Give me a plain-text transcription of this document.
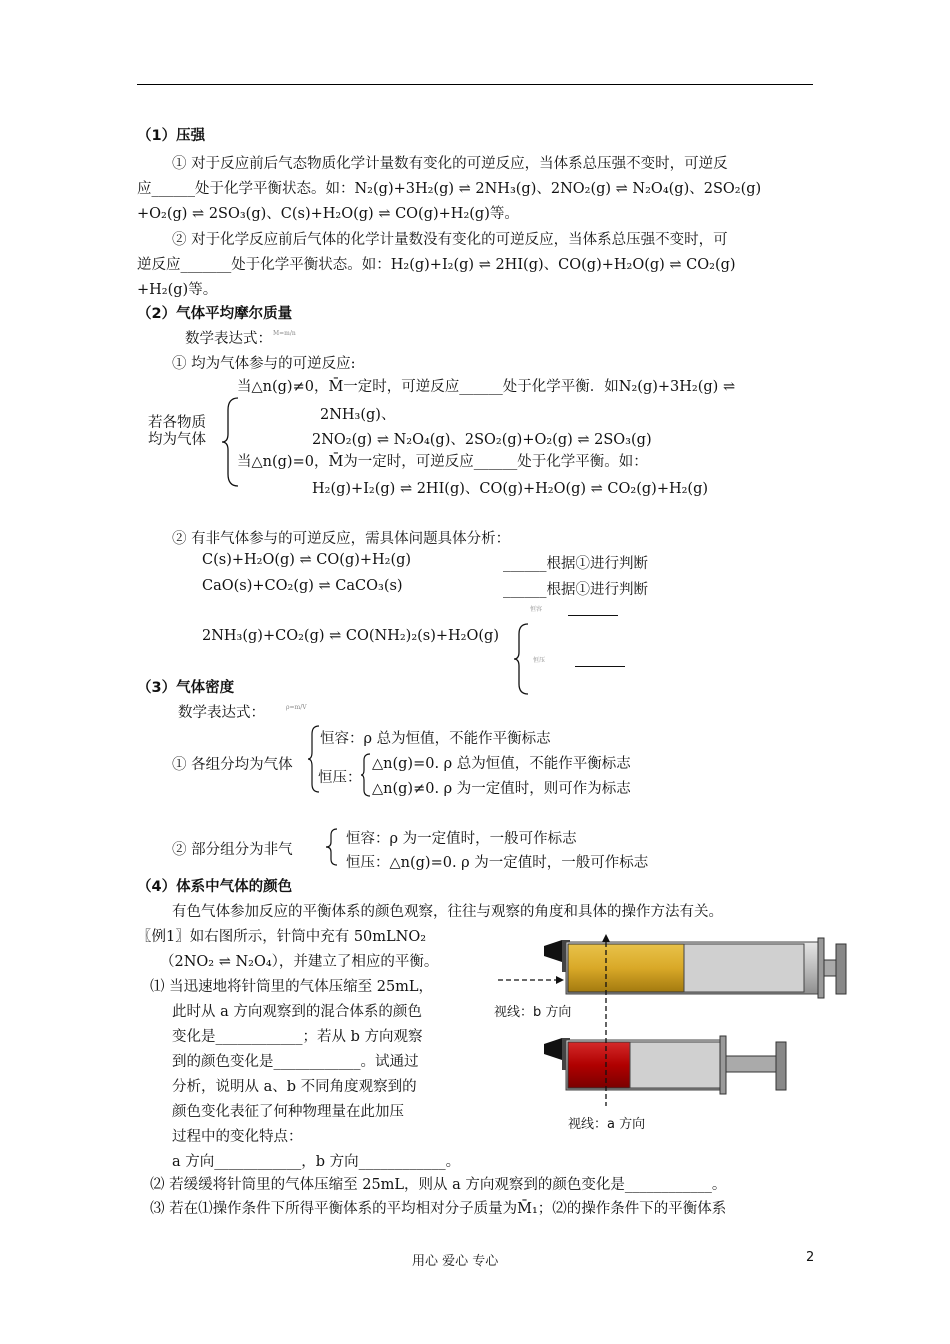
（1）压强
① 对于反应前后气态物质化学计量数有变化的可逆反应，当体系总压强不变时，可逆反
应______处于化学平衡状态。如：N₂(g)+3H₂(g) ⇌ 2NH₃(g)、2NO₂(g) ⇌ N₂O₄(g)、2SO₂(g)
+O₂(g) ⇌ 2SO₃(g)、C(s)+H₂O(g) ⇌ CO(g)+H₂(g)等。
② 对于化学反应前后气体的化学计量数没有变化的可逆反应，当体系总压强不变时，可
逆反应_______处于化学平衡状态。如：H₂(g)+I₂(g) ⇌ 2HI(g)、CO(g)+H₂O(g) ⇌ CO₂(g)
+H₂(g)等。
（2）气体平均摩尔质量
数学表达式： M=m/n
① 均为气体参与的可逆反应:
当△n(g)≠0，M̄一定时，可逆反应______处于化学平衡．如N₂(g)+3H₂(g) ⇌
2NH₃(g)、
2NO₂(g) ⇌ N₂O₄(g)、2SO₂(g)+O₂(g) ⇌ 2SO₃(g)
当△n(g)=0，M̄为一定时，可逆反应______处于化学平衡。如：
H₂(g)+I₂(g) ⇌ 2HI(g)、CO(g)+H₂O(g) ⇌ CO₂(g)+H₂(g)
若各物质
均为气体
② 有非气体参与的可逆反应，需具体问题具体分析：
C(s)+H₂O(g) ⇌ CO(g)+H₂(g)	______根据①进行判断
CaO(s)+CO₂(g) ⇌ CaCO₃(s)	______根据①进行判断
2NH₃(g)+CO₂(g) ⇌ CO(NH₂)₂(s)+H₂O(g)
恒容
恒压
（3）气体密度
数学表达式：	ρ=m/V
① 各组分均为气体
恒容：ρ 总为恒值，不能作平衡标志
恒压：
△n(g)=0. ρ 总为恒值，不能作平衡标志
△n(g)≠0. ρ 为一定值时，则可作为标志
② 部分组分为非气
恒容：ρ 为一定值时，一般可作标志
恒压：△n(g)=0. ρ 为一定值时，一般可作标志
（4）体系中气体的颜色
有色气体参加反应的平衡体系的颜色观察，往往与观察的角度和具体的操作方法有关。
〖例1〗如右图所示，针筒中充有 50mLNO₂
（2NO₂ ⇌ N₂O₄），并建立了相应的平衡。
⑴ 当迅速地将针筒里的气体压缩至 25mL，
此时从 a 方向观察到的混合体系的颜色
变化是____________；若从 b 方向观察
到的颜色变化是____________。试通过
分析，说明从 a、b 不同角度观察到的
颜色变化表征了何种物理量在此加压
过程中的变化特点：
a 方向____________，b 方向____________。
⑵ 若缓缓将针筒里的气体压缩至 25mL，则从 a 方向观察到的颜色变化是____________。
⑶ 若在⑴操作条件下所得平衡体系的平均相对分子质量为M̄₁；⑵的操作条件下的平衡体系
视线：b 方向
视线：a 方向
用心 爱心 专心	2
